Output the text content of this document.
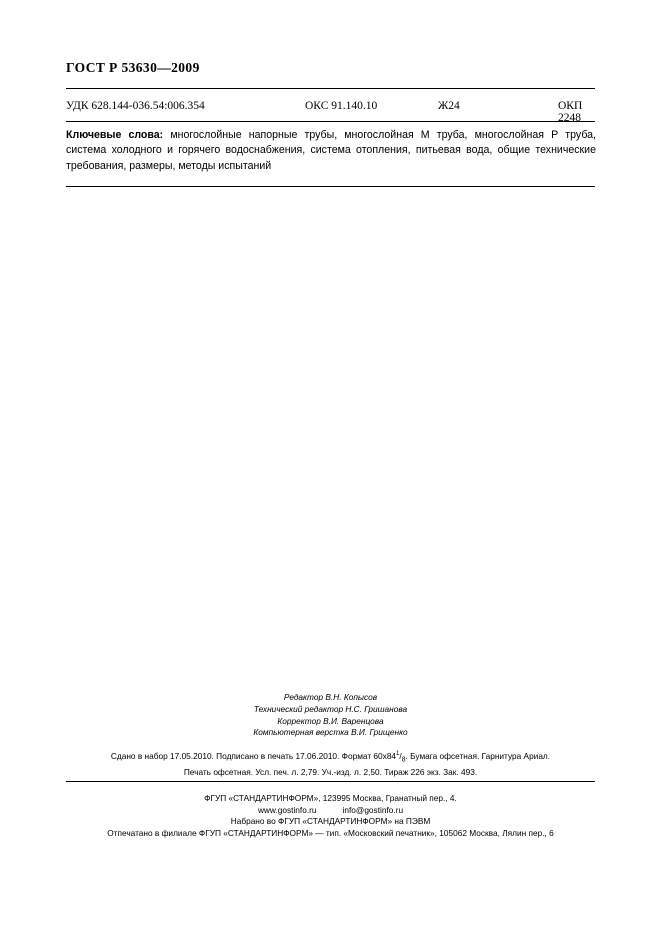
ГОСТ Р 53630—2009
УДК 628.144-036.54:006.354	ОКС 91.140.10	Ж24	ОКП 2248
Ключевые слова: многослойные напорные трубы, многослойная М труба, многослойная Р труба, система холодного и горячего водоснабжения, система отопления, питьевая вода, общие технические требования, размеры, методы испытаний
Редактор В.Н. Копысов
Технический редактор Н.С. Гришанова
Корректор В.И. Варенцова
Компьютерная верстка В.И. Грищенко
Сдано в набор 17.05.2010. Подписано в печать 17.06.2010. Формат $60х84^1/_8$. Бумага офсетная. Гарнитура Ариал.
Печать офсетная. Усл. печ. л. 2,79. Уч.-изд. л. 2,50. Тираж 226 экз. Зак. 493.
ФГУП «СТАНДАРТИНФОРМ», 123995 Москва, Гранатный пер., 4.
www.gostinfo.ru	info@gostinfo.ru
Набрано во ФГУП «СТАНДАРТИНФОРМ» на ПЭВМ
Отпечатано в филиале ФГУП «СТАНДАРТИНФОРМ» — тип. «Московский печатник», 105062 Москва, Лялин пер., 6
